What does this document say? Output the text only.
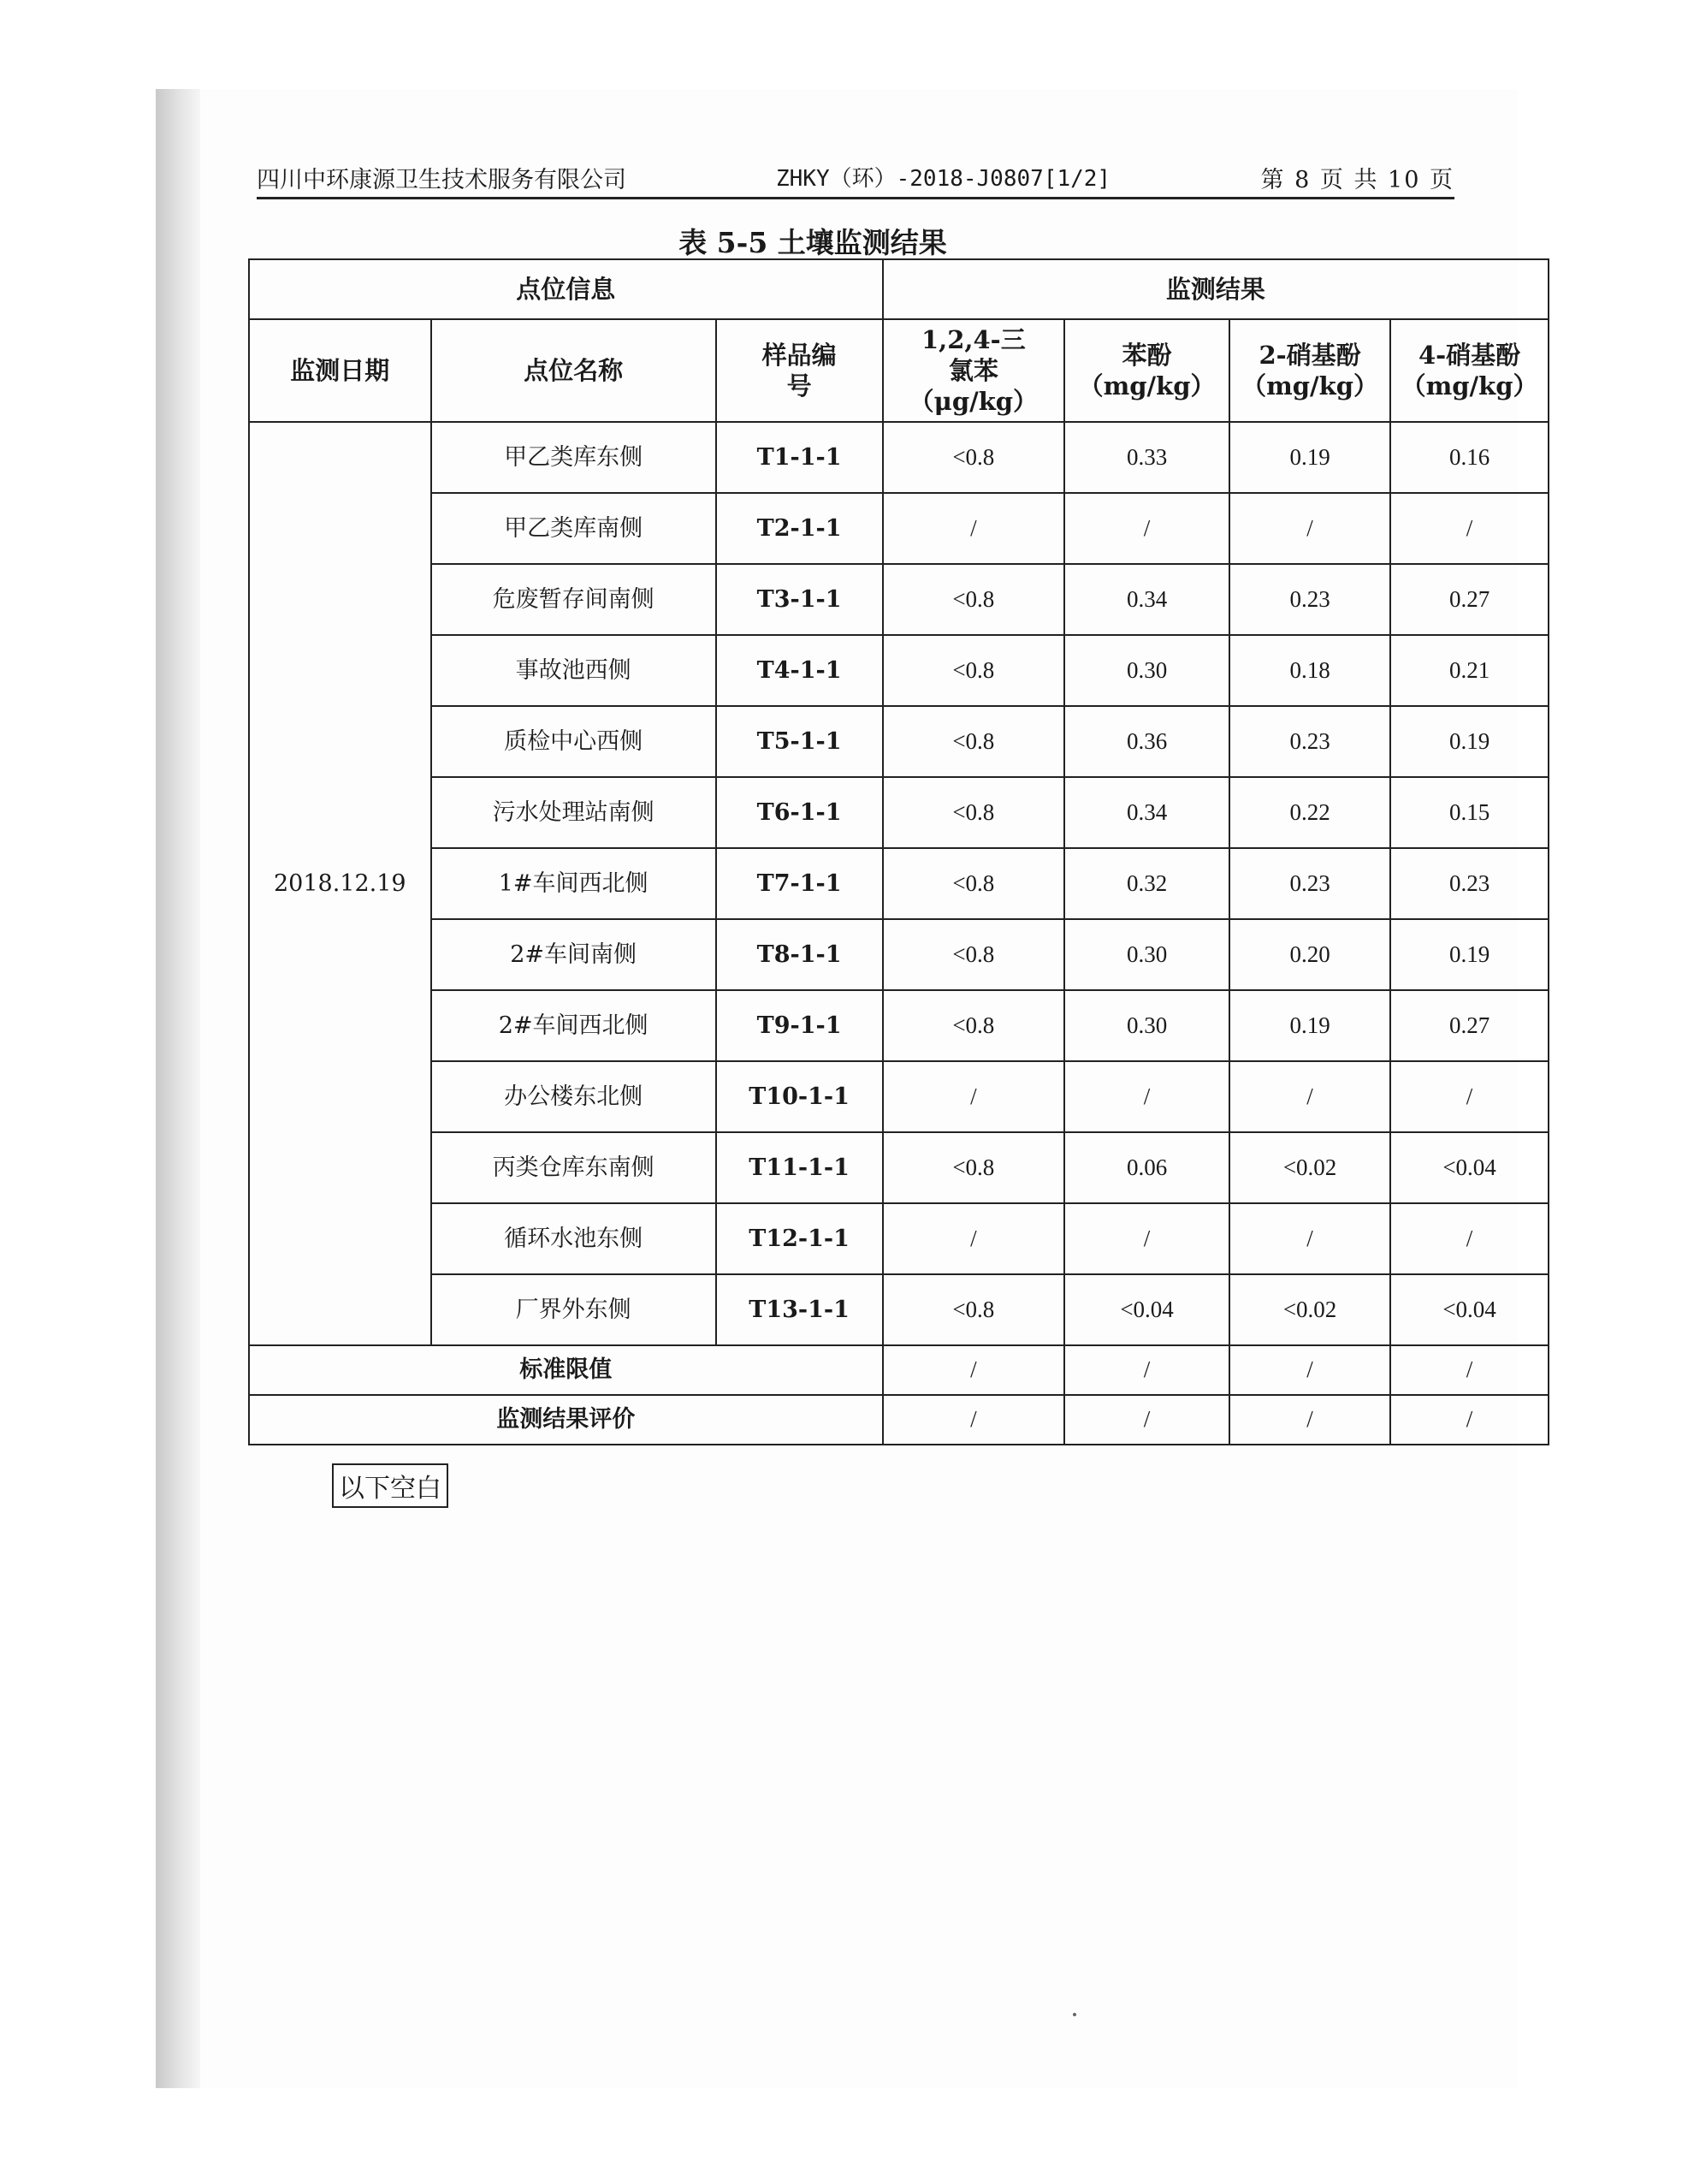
四川中环康源卫生技术服务有限公司	ZHKY（环）-2018-J0807[1/2]	第 8 页 共 10 页
表 5-5 土壤监测结果
点位信息			监测结果			
监测日期	点位名称	样品编号	1,2,4-三氯苯（μg/kg）	苯酚（mg/kg）	2-硝基酚（mg/kg）	4-硝基酚（mg/kg）
2018.12.19	甲乙类库东侧	T1-1-1	<0.8	0.33	0.19	0.16
	甲乙类库南侧	T2-1-1	/	/	/	/
	危废暂存间南侧	T3-1-1	<0.8	0.34	0.23	0.27
	事故池西侧	T4-1-1	<0.8	0.30	0.18	0.21
	质检中心西侧	T5-1-1	<0.8	0.36	0.23	0.19
	污水处理站南侧	T6-1-1	<0.8	0.34	0.22	0.15
	1#车间西北侧	T7-1-1	<0.8	0.32	0.23	0.23
	2#车间南侧	T8-1-1	<0.8	0.30	0.20	0.19
	2#车间西北侧	T9-1-1	<0.8	0.30	0.19	0.27
	办公楼东北侧	T10-1-1	/	/	/	/
	丙类仓库东南侧	T11-1-1	<0.8	0.06	<0.02	<0.04
	循环水池东侧	T12-1-1	/	/	/	/
	厂界外东侧	T13-1-1	<0.8	<0.04	<0.02	<0.04
标准限值			/	/	/	/
监测结果评价			/	/	/	/
以下空白
